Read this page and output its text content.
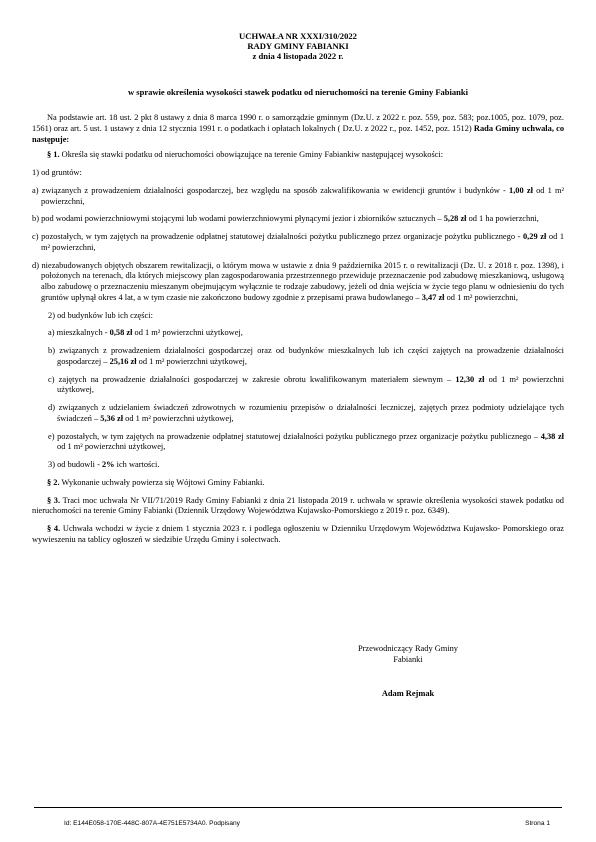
UCHWAŁA NR XXXI/310/2022
RADY GMINY FABIANKI
z dnia 4 listopada 2022 r.
w sprawie określenia wysokości stawek podatku od nieruchomości na terenie Gminy Fabianki

Na podstawie art. 18 ust. 2 pkt 8 ustawy z dnia 8 marca 1990 r. o samorządzie gminnym (Dz.U. z 2022 r. poz. 559, poz. 583; poz.1005, poz. 1079, poz. 1561) oraz art. 5 ust. 1 ustawy z dnia 12 stycznia 1991 r. o podatkach i opłatach lokalnych ( Dz.U. z 2022 r., poz. 1452, poz. 1512) Rada Gminy uchwala, co następuje:

§ 1. Określa się stawki podatku od nieruchomości obowiązujące na terenie Gminy Fabiankiw następującej wysokości:

1) od gruntów:

a) związanych z prowadzeniem działalności gospodarczej, bez względu na sposób zakwalifikowania w ewidencji gruntów i budynków - 1,00 zł od 1 m² powierzchni,

b) pod wodami powierzchniowymi stojącymi lub wodami powierzchniowymi płynącymi jezior i zbiorników sztucznych – 5,28 zł od 1 ha powierzchni,

c) pozostałych, w tym zajętych na prowadzenie odpłatnej statutowej działalności pożytku publicznego przez organizacje pożytku publicznego - 0,29 zł od 1 m² powierzchni,

d) niezabudowanych objętych obszarem rewitalizacji, o którym mowa w ustawie z dnia 9 października 2015 r. o rewitalizacji (Dz. U. z 2018 r. poz. 1398), i położonych na terenach, dla których miejscowy plan zagospodarowania przestrzennego przewiduje przeznaczenie pod zabudowę mieszkaniową, usługową albo zabudowę o przeznaczeniu mieszanym obejmującym wyłącznie te rodzaje zabudowy, jeżeli od dnia wejścia w życie tego planu w odniesieniu do tych gruntów upłynął okres 4 lat, a w tym czasie nie zakończono budowy zgodnie z przepisami prawa budowlanego – 3,47 zł od 1 m² powierzchni,

2) od budynków lub ich części:

a) mieszkalnych - 0,58 zł od 1 m² powierzchni użytkowej,

b) związanych z prowadzeniem działalności gospodarczej oraz od budynków mieszkalnych lub ich części zajętych na prowadzenie działalności gospodarczej – 25,16 zł od 1 m² powierzchni użytkowej,

c) zajętych na prowadzenie działalności gospodarczej w zakresie obrotu kwalifikowanym materiałem siewnym – 12,30 zł od 1 m² powierzchni użytkowej,

d) związanych z udzielaniem świadczeń zdrowotnych w rozumieniu przepisów o działalności leczniczej, zajętych przez podmioty udzielające tych świadczeń – 5,36 zł od 1 m² powierzchni użytkowej,

e) pozostałych, w tym zajętych na prowadzenie odpłatnej statutowej działalności pożytku publicznego przez organizacje pożytku publicznego – 4,38 zł od 1 m² powierzchni użytkowej,

3) od budowli - 2% ich wartości.

§ 2. Wykonanie uchwały powierza się Wójtowi Gminy Fabianki.

§ 3. Traci moc uchwała Nr VII/71/2019 Rady Gminy Fabianki z dnia 21 listopada 2019 r. uchwała w sprawie określenia wysokości stawek podatku od nieruchomości na terenie Gminy Fabianki (Dziennik Urzędowy Województwa Kujawsko-Pomorskiego z 2019 r. poz. 6349).

§ 4. Uchwała wchodzi w życie z dniem 1 stycznia 2023 r. i podlega ogłoszeniu w Dzienniku Urzędowym Województwa Kujawsko- Pomorskiego oraz wywieszeniu na tablicy ogłoszeń w siedzibie Urzędu Gminy i sołectwach.

Przewodniczący Rady Gminy
Fabianki
Adam Rejmak
Id: E144E058-170E-448C-807A-4E751E5734A0. Podpisany	Strona 1
